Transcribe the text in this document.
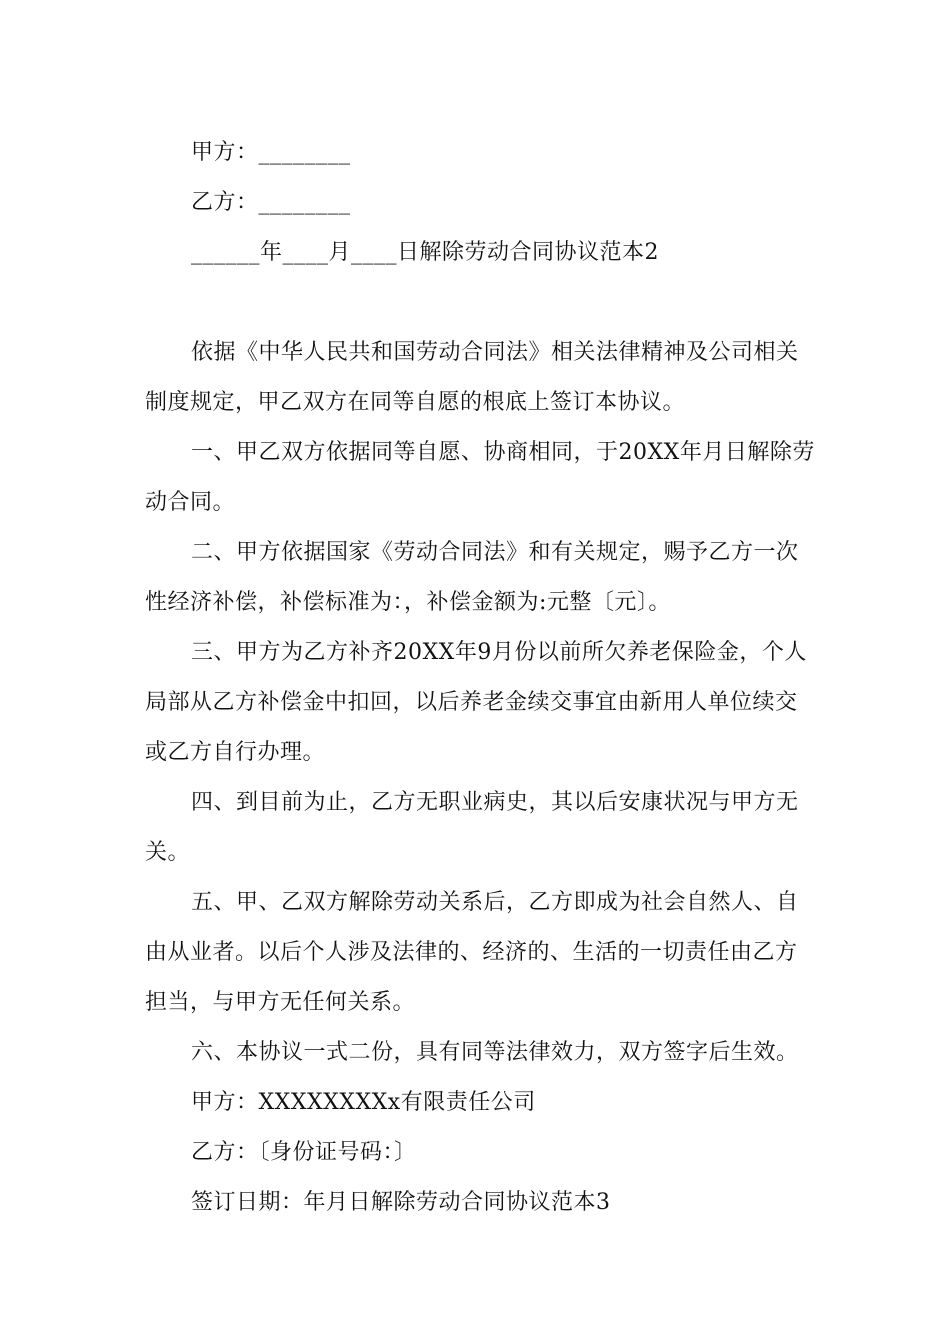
甲方：________
乙方：________
______年____月____日解除劳动合同协议范本2
依据《中华人民共和国劳动合同法》相关法律精神及公司相关
制度规定，甲乙双方在同等自愿的根底上签订本协议。
一、甲乙双方依据同等自愿、协商相同，于20XX年月日解除劳
动合同。
二、甲方依据国家《劳动合同法》和有关规定，赐予乙方一次
性经济补偿，补偿标准为：，补偿金额为:元整〔元〕。
三、甲方为乙方补齐20XX年9月份以前所欠养老保险金，个人
局部从乙方补偿金中扣回，以后养老金续交事宜由新用人单位续交
或乙方自行办理。
四、到目前为止，乙方无职业病史，其以后安康状况与甲方无
关。
五、甲、乙双方解除劳动关系后，乙方即成为社会自然人、自
由从业者。以后个人涉及法律的、经济的、生活的一切责任由乙方
担当，与甲方无任何关系。
六、本协议一式二份，具有同等法律效力，双方签字后生效。
甲方：XXXXXXXXx有限责任公司
乙方：〔身份证号码：〕
签订日期：年月日解除劳动合同协议范本3
